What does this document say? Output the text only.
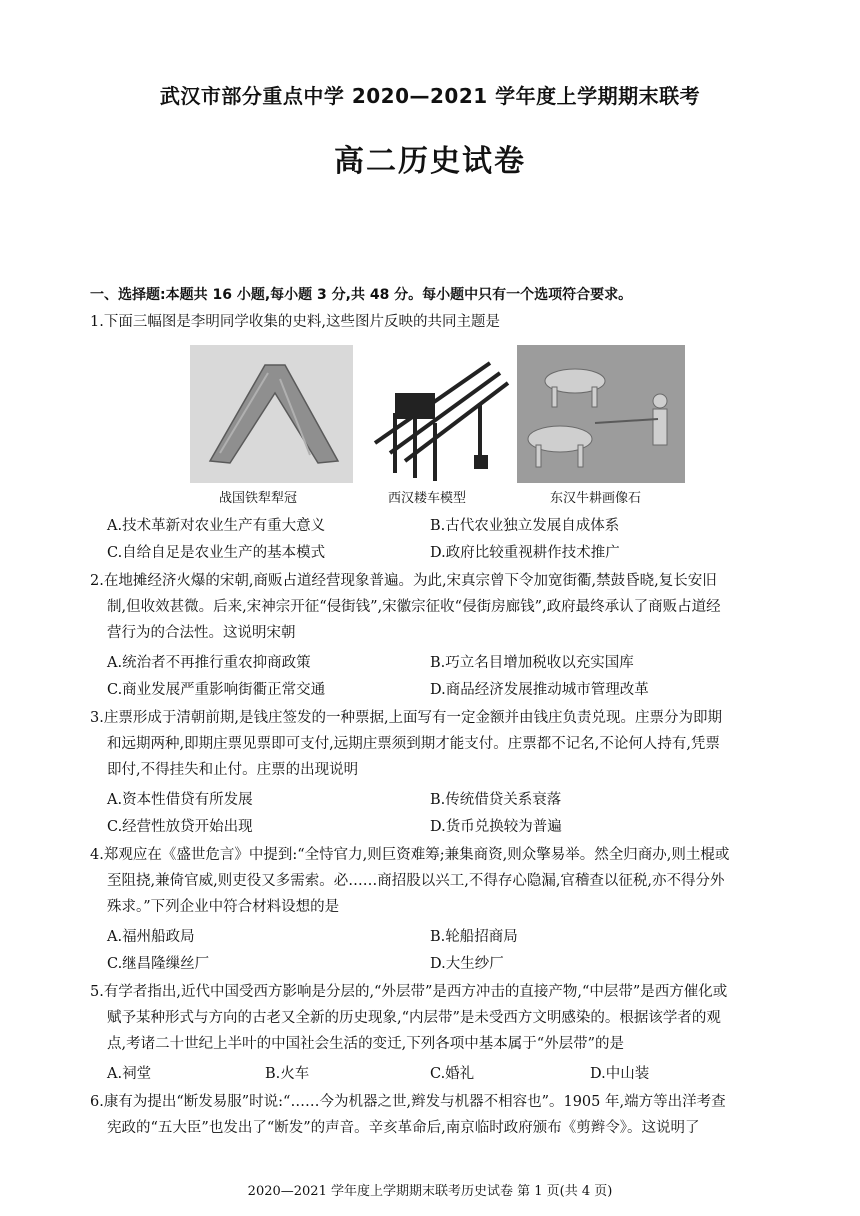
武汉市部分重点中学 2020—2021 学年度上学期期末联考
高二历史试卷
一、选择题:本题共 16 小题,每小题 3 分,共 48 分。每小题中只有一个选项符合要求。
1.下面三幅图是李明同学收集的史料,这些图片反映的共同主题是
战国铁犁犁冠	西汉耧车模型	东汉牛耕画像石
A.技术革新对农业生产有重大意义	B.古代农业独立发展自成体系
C.自给自足是农业生产的基本模式	D.政府比较重视耕作技术推广
2.在地摊经济火爆的宋朝,商贩占道经营现象普遍。为此,宋真宗曾下令加宽街衢,禁鼓昏晓,复长安旧
制,但收效甚微。后来,宋神宗开征“侵街钱”,宋徽宗征收“侵街房廊钱”,政府最终承认了商贩占道经
营行为的合法性。这说明宋朝
A.统治者不再推行重农抑商政策	B.巧立名目增加税收以充实国库
C.商业发展严重影响街衢正常交通	D.商品经济发展推动城市管理改革
3.庄票形成于清朝前期,是钱庄签发的一种票据,上面写有一定金额并由钱庄负责兑现。庄票分为即期
和远期两种,即期庄票见票即可支付,远期庄票须到期才能支付。庄票都不记名,不论何人持有,凭票
即付,不得挂失和止付。庄票的出现说明
A.资本性借贷有所发展	B.传统借贷关系衰落
C.经营性放贷开始出现	D.货币兑换较为普遍
4.郑观应在《盛世危言》中提到:“全恃官力,则巨资难筹;兼集商资,则众擎易举。然全归商办,则土棍或
至阻挠,兼倚官威,则吏役又多需索。必……商招股以兴工,不得存心隐漏,官稽查以征税,亦不得分外
殊求。”下列企业中符合材料设想的是
A.福州船政局	B.轮船招商局
C.继昌隆缫丝厂	D.大生纱厂
5.有学者指出,近代中国受西方影响是分层的,“外层带”是西方冲击的直接产物,“中层带”是西方催化或
赋予某种形式与方向的古老又全新的历史现象,“内层带”是未受西方文明感染的。根据该学者的观
点,考诸二十世纪上半叶的中国社会生活的变迁,下列各项中基本属于“外层带”的是
A.祠堂	B.火车	C.婚礼	D.中山装
6.康有为提出“断发易服”时说:“……今为机器之世,辫发与机器不相容也”。1905 年,端方等出洋考查
宪政的“五大臣”也发出了“断发”的声音。辛亥革命后,南京临时政府颁布《剪辫令》。这说明了
2020—2021 学年度上学期期末联考历史试卷 第 1 页(共 4 页)
